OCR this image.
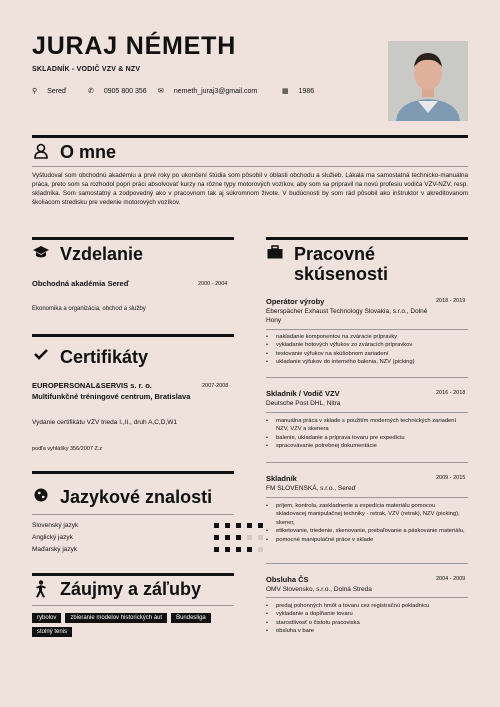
JURAJ NÉMETH
SKLADNÍK - VODIČ VZV & NZV
⚲ Sereď	✆ 0905 800 356 ✉ nemeth_juraj3@gmail.com	▦ 1986
O mne
Vyštudoval som obchodnú akadémiu a prvé roky po ukončení štúdia som pôsobil v oblasti obchodu a služieb. Lákala ma samostatná technicko-manuálna práca, preto som sa rozhodol popri práci absolvovať kurzy na rôzne typy motorových vozíkov, aby som sa pripravil na novú profesiu vodiča VZV-NZV, resp. skladníka. Som samostatný a zodpovedný ako v pracovnom tak aj súkromnom živote. V budúcnosti by som rád pôsobil ako inštruktor v akreditovanom školiacom stredisku pre vedenie motorových vozíkov.
Vzdelanie
Obchodná akadémia Sereď	2000 - 2004
Ekonomika a organizácia, obchod a služby
Certifikáty
EUROPERSONAL&SERVIS s. r. o. Multifunkčné tréningové centrum, Bratislava
2007-2008
Vydanie certifikátu VZV trieda I.,II., druh A,C,D,W1
podľa vyhlášky 356/2007 Z.z
Jazykové znalosti
Slovenský jazyk
Anglický jazyk
Maďarský jazyk
Záujmy a záľuby
rybolov	zbieranie modelov historických áut	Bundesliga
stolný tenis
Pracovné skúsenosti
Operátor výroby	2018 - 2019
Eberspächer Exhaust Technology Slovakia, s.r.o., Dolné Hony
• nakladanie komponentov na zváracie prípravky
• vykladanie hotových výfukov zo zváracích prípravkov
• testovanie výfukov na skúšobnom zariadení
• ukladanie výfukov do interného balenia, NZV (picking)
Skladník / Vodič VZV	2016 - 2018
Deutsche Post DHL, Nitra
• manuálna práca v sklade s použitím moderných technických zariadení NZV, VZV a skenera
• balenie, ukladanie a príprava tovaru pre expedíciu
• spracovávanie potrebnej dokumentácie
Skladník	2009 - 2015
FM SLOVENSKÁ, s.r.o., Sereď
• príjem, kontrola, zaskladnenie a expedícia materiálu pomocou skladovacej manipulačnej techniky - retrak, VZV (retrak), NZV (picking), skener,
• etiketovanie, triedenie, skenovanie, prebaľovanie a páskovanie materiálu,
• pomocné manipulačné práce v sklade
Obsluha ČS	2004 - 2009
OMV Slovensko, s.r.o., Dolná Streda
• predaj pohonných hmôt a tovaru cez registračnú pokladnicu
• vykladanie a dopĺňanie tovaru
• starostlivosť o čistotu pracoviska
• obsluha v bare
